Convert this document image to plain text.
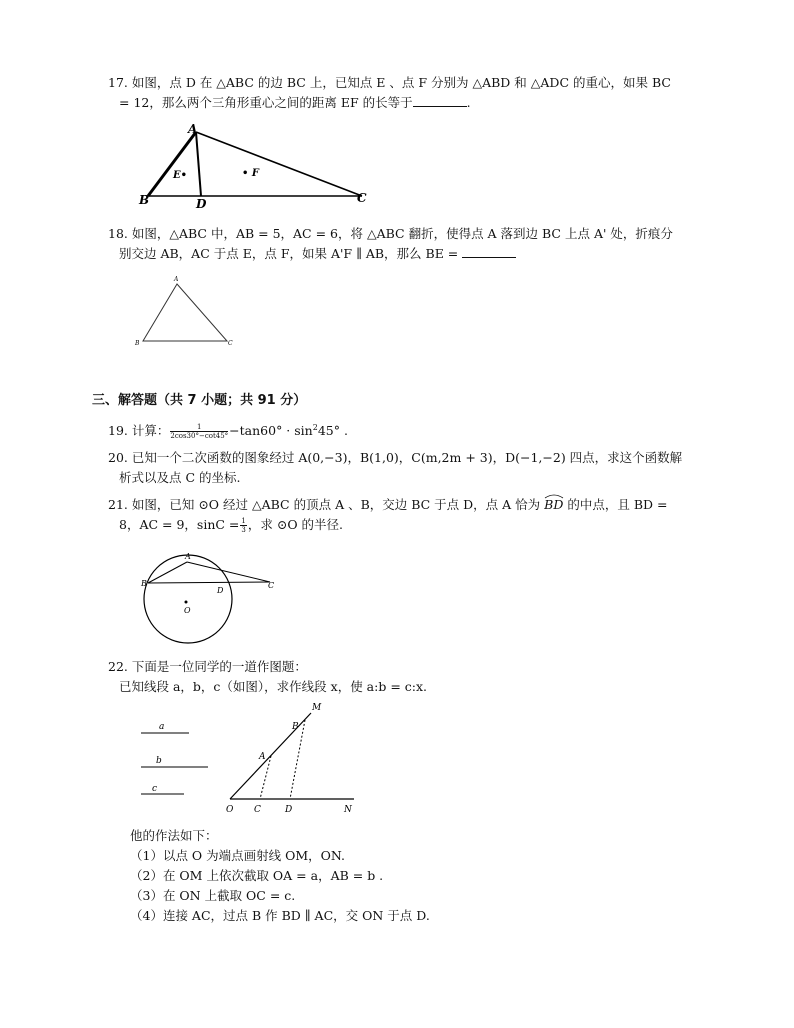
17. 如图，点 D 在 △ABC 的边 BC 上，已知点 E 、点 F 分别为 △ABD 和 △ADC 的重心，如果 BC
= 12，那么两个三角形重心之间的距离 EF 的长等于	.
A
B	D	C
E•	• F
18. 如图，△ABC 中，AB = 5，AC = 6，将 △ABC 翻折，使得点 A 落到边 BC 上点 A' 处，折痕分
别交边 AB，AC 于点 E，点 F，如果 A'F ∥ AB，那么 BE =
A
B	C
三、解答题（共 7 小题；共 91 分）
19. 计算： $\frac{1}{2\cos 30^\circ-\cot 45^\circ} -\tan 60^\circ \cdot \sin^245^\circ$ .
20. 已知一个二次函数的图象经过 A(0,−3)，B(1,0)，C(m,2m + 3)，D(−1,−2) 四点，求这个函数解
析式以及点 C 的坐标.
21. 如图，已知 ⊙O 经过 △ABC 的顶点 A 、B，交边 BC 于点 D，点 A 恰为 BD 的中点，且 BD =
8，AC = 9，$\sin C = \frac{1}{3}$ ，求 ⊙O 的半径.
A
B	C
D
O
22. 下面是一位同学的一道作图题：
已知线段 a，b，c（如图），求作线段 x，使 a:b = c:x.
a
b
c
M
B
A
O C	D	N
他的作法如下：
（1）以点 O 为端点画射线 OM，ON.
（2）在 OM 上依次截取 OA = a，AB = b .
（3）在 ON 上截取 OC = c.
（4）连接 AC，过点 B 作 BD ∥ AC，交 ON 于点 D.
